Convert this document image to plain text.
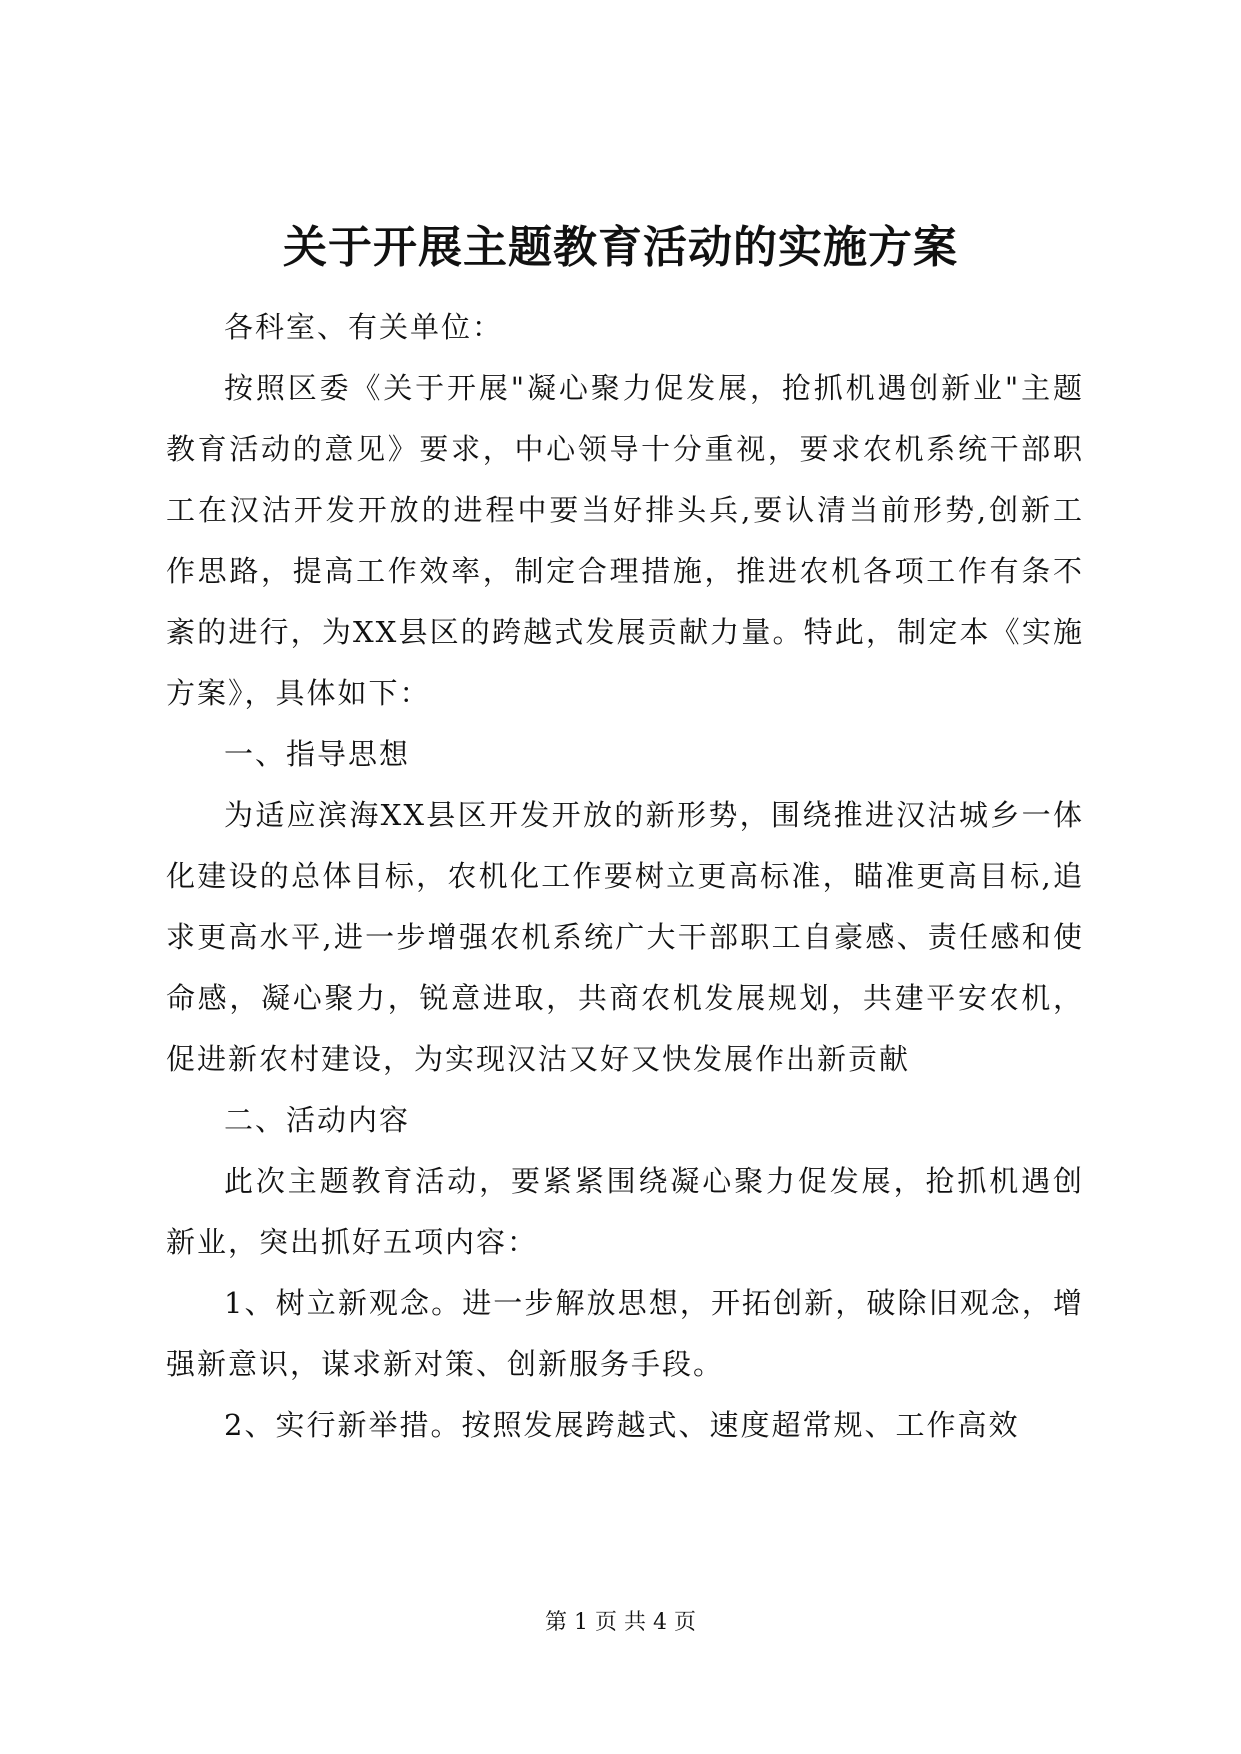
关于开展主题教育活动的实施方案

各科室、有关单位：

按照区委《关于开展"凝心聚力促发展，抢抓机遇创新业"主题教育活动的意见》要求，中心领导十分重视，要求农机系统干部职工在汉沽开发开放的进程中要当好排头兵,要认清当前形势,创新工作思路，提高工作效率，制定合理措施，推进农机各项工作有条不紊的进行，为XX县区的跨越式发展贡献力量。特此，制定本《实施方案》，具体如下：

一、指导思想

为适应滨海XX县区开发开放的新形势，围绕推进汉沽城乡一体化建设的总体目标，农机化工作要树立更高标准，瞄准更高目标,追求更高水平,进一步增强农机系统广大干部职工自豪感、责任感和使命感，凝心聚力，锐意进取，共商农机发展规划，共建平安农机，促进新农村建设，为实现汉沽又好又快发展作出新贡献

二、活动内容

此次主题教育活动，要紧紧围绕凝心聚力促发展，抢抓机遇创新业，突出抓好五项内容：

1、树立新观念。进一步解放思想，开拓创新，破除旧观念，增强新意识，谋求新对策、创新服务手段。

2、实行新举措。按照发展跨越式、速度超常规、工作高效

第 1 页 共 4 页
